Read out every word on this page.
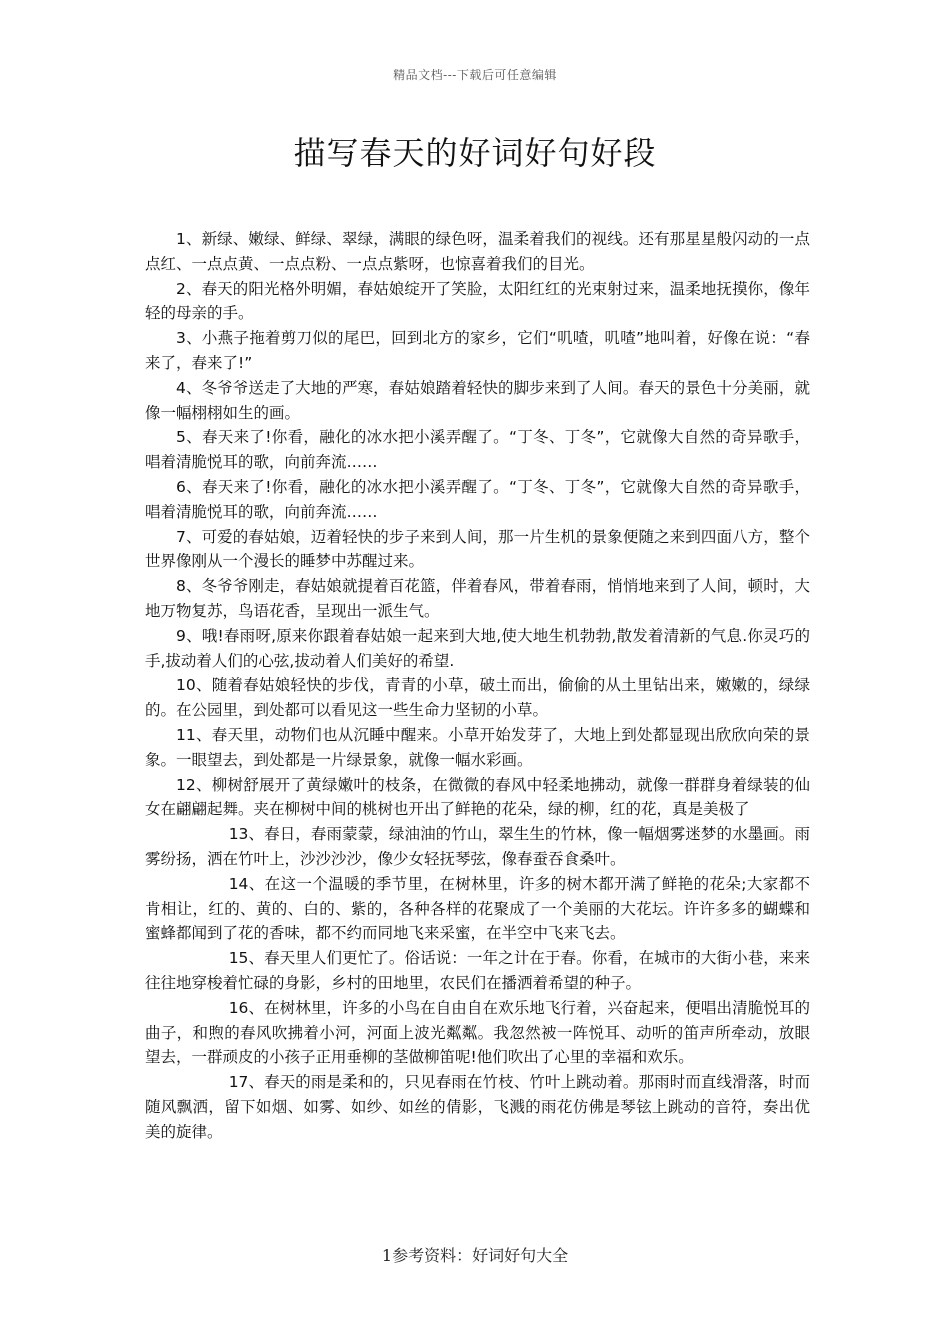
精品文档---下载后可任意编辑
描写春天的好词好句好段

1、新绿、嫩绿、鲜绿、翠绿，满眼的绿色呀，温柔着我们的视线。还有那星星般闪动的一点点红、一点点黄、一点点粉、一点点紫呀，也惊喜着我们的目光。

2、春天的阳光格外明媚，春姑娘绽开了笑脸，太阳红红的光束射过来，温柔地抚摸你，像年轻的母亲的手。

3、小燕子拖着剪刀似的尾巴，回到北方的家乡，它们“叽喳，叽喳”地叫着，好像在说：“春来了，春来了!”

4、冬爷爷送走了大地的严寒，春姑娘踏着轻快的脚步来到了人间。春天的景色十分美丽，就像一幅栩栩如生的画。

5、春天来了!你看，融化的冰水把小溪弄醒了。“丁冬、丁冬”，它就像大自然的奇异歌手，唱着清脆悦耳的歌，向前奔流……

6、春天来了!你看，融化的冰水把小溪弄醒了。“丁冬、丁冬”，它就像大自然的奇异歌手，唱着清脆悦耳的歌，向前奔流……

7、可爱的春姑娘，迈着轻快的步子来到人间，那一片生机的景象便随之来到四面八方，整个世界像刚从一个漫长的睡梦中苏醒过来。

8、冬爷爷刚走，春姑娘就提着百花篮，伴着春风，带着春雨，悄悄地来到了人间，顿时，大地万物复苏，鸟语花香，呈现出一派生气。

9、哦!春雨呀,原来你跟着春姑娘一起来到大地,使大地生机勃勃,散发着清新的气息.你灵巧的手,拔动着人们的心弦,拔动着人们美好的希望.

10、随着春姑娘轻快的步伐，青青的小草，破土而出，偷偷的从土里钻出来，嫩嫩的，绿绿的。在公园里，到处都可以看见这一些生命力坚韧的小草。

11、春天里，动物们也从沉睡中醒来。小草开始发芽了，大地上到处都显现出欣欣向荣的景象。一眼望去，到处都是一片绿景象，就像一幅水彩画。

12、柳树舒展开了黄绿嫩叶的枝条，在微微的春风中轻柔地拂动，就像一群群身着绿装的仙女在翩翩起舞。夹在柳树中间的桃树也开出了鲜艳的花朵，绿的柳，红的花，真是美极了

13、春日，春雨蒙蒙，绿油油的竹山，翠生生的竹林，像一幅烟雾迷梦的水墨画。雨雾纷扬，洒在竹叶上，沙沙沙沙，像少女轻抚琴弦，像春蚕吞食桑叶。

14、在这一个温暖的季节里，在树林里，许多的树木都开满了鲜艳的花朵;大家都不肯相让，红的、黄的、白的、紫的，各种各样的花聚成了一个美丽的大花坛。许许多多的蝴蝶和蜜蜂都闻到了花的香味，都不约而同地飞来采蜜，在半空中飞来飞去。

15、春天里人们更忙了。俗话说：一年之计在于春。你看，在城市的大街小巷，来来往往地穿梭着忙碌的身影，乡村的田地里，农民们在播洒着希望的种子。

16、在树林里，许多的小鸟在自由自在欢乐地飞行着，兴奋起来，便唱出清脆悦耳的曲子，和煦的春风吹拂着小河，河面上波光粼粼。我忽然被一阵悦耳、动听的笛声所牵动，放眼望去，一群顽皮的小孩子正用垂柳的茎做柳笛呢!他们吹出了心里的幸福和欢乐。

17、春天的雨是柔和的，只见春雨在竹枝、竹叶上跳动着。那雨时而直线滑落，时而随风飘洒，留下如烟、如雾、如纱、如丝的倩影，飞溅的雨花仿佛是琴铉上跳动的音符，奏出优美的旋律。

1参考资料：好词好句大全
